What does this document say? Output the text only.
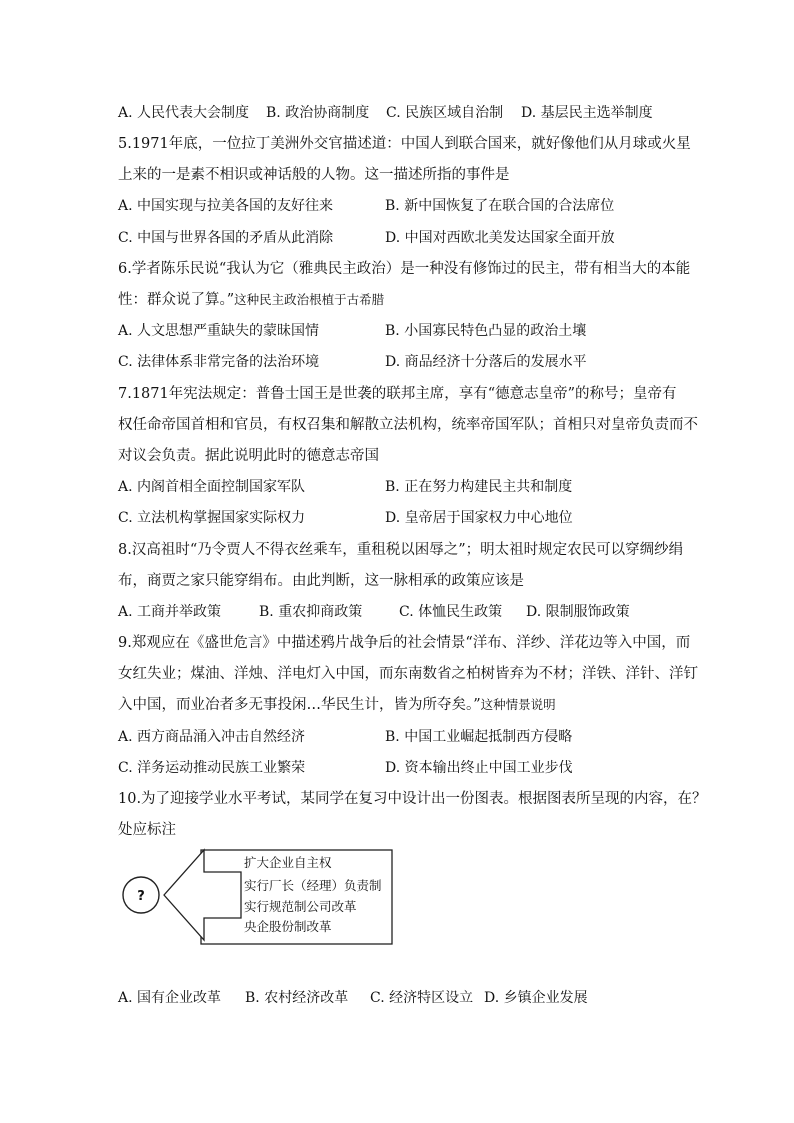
A. 人民代表大会制度 B. 政治协商制度 C. 民族区域自治制 D. 基层民主选举制度
5.1971年底，一位拉丁美洲外交官描述道：中国人到联合国来，就好像他们从月球或火星
上来的一是素不相识或神话般的人物。这一描述所指的事件是
A. 中国实现与拉美各国的友好往来	B. 新中国恢复了在联合国的合法席位
C. 中国与世界各国的矛盾从此消除	D. 中国对西欧北美发达国家全面开放
6.学者陈乐民说“我认为它（雅典民主政治）是一种没有修饰过的民主，带有相当大的本能
性：群众说了算。”这种民主政治根植于古希腊
A. 人文思想严重缺失的蒙昧国情	B. 小国寡民特色凸显的政治土壤
C. 法律体系非常完备的法治环境	D. 商品经济十分落后的发展水平
7.1871年宪法规定：普鲁士国王是世袭的联邦主席，享有“德意志皇帝”的称号；皇帝有
权任命帝国首相和官员，有权召集和解散立法机构，统率帝国军队；首相只对皇帝负责而不
对议会负责。据此说明此时的德意志帝国
A. 内阁首相全面控制国家军队	B. 正在努力构建民主共和制度
C. 立法机构掌握国家实际权力	D. 皇帝居于国家权力中心地位
8.汉高祖时“乃令贾人不得衣丝乘车，重租税以困辱之”；明太祖时规定农民可以穿绸纱绢
布，商贾之家只能穿绢布。由此判断，这一脉相承的政策应该是
A. 工商并举政策	B. 重农抑商政策	C. 体恤民生政策 D. 限制服饰政策
9.郑观应在《盛世危言》中描述鸦片战争后的社会情景“洋布、洋纱、洋花边等入中国，而
女红失业；煤油、洋烛、洋电灯入中国，而东南数省之柏树皆弃为不材；洋铁、洋针、洋钉
入中国，而业冶者多无事投闲…华民生计，皆为所夺矣。”这种情景说明
A. 西方商品涌入冲击自然经济	B. 中国工业崛起抵制西方侵略
C. 洋务运动推动民族工业繁荣	D. 资本输出终止中国工业步伐
10.为了迎接学业水平考试，某同学在复习中设计出一份图表。根据图表所呈现的内容，在？
处应标注
?
扩大企业自主权
实行厂长（经理）负责制
实行规范制公司改革
央企股份制改革
A. 国有企业改革 B. 农村经济改革 C. 经济特区设立 D. 乡镇企业发展
